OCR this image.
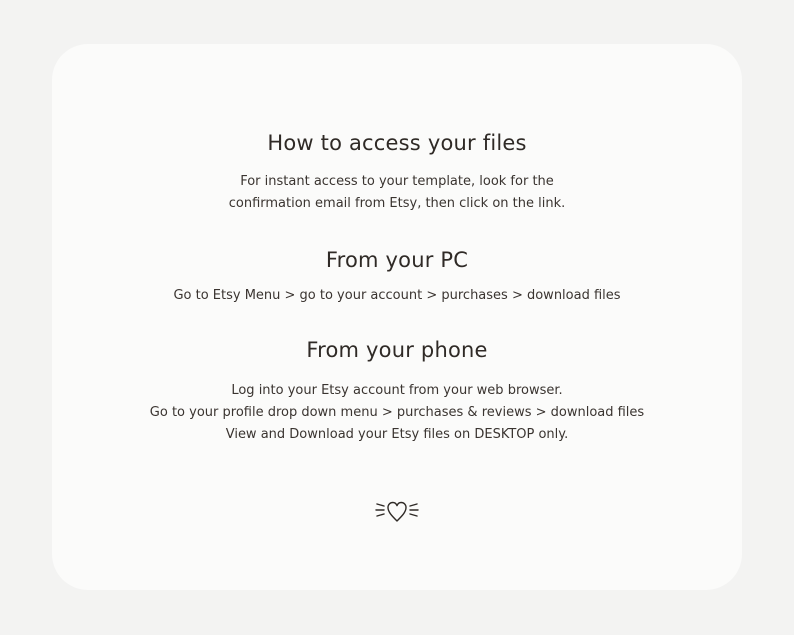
How to access your files
For instant access to your template, look for the
confirmation email from Etsy, then click on the link.
From your PC
Go to Etsy Menu > go to your account > purchases > download files
From your phone
Log into your Etsy account from your web browser.
Go to your profile drop down menu > purchases & reviews > download files
View and Download your Etsy files on DESKTOP only.
